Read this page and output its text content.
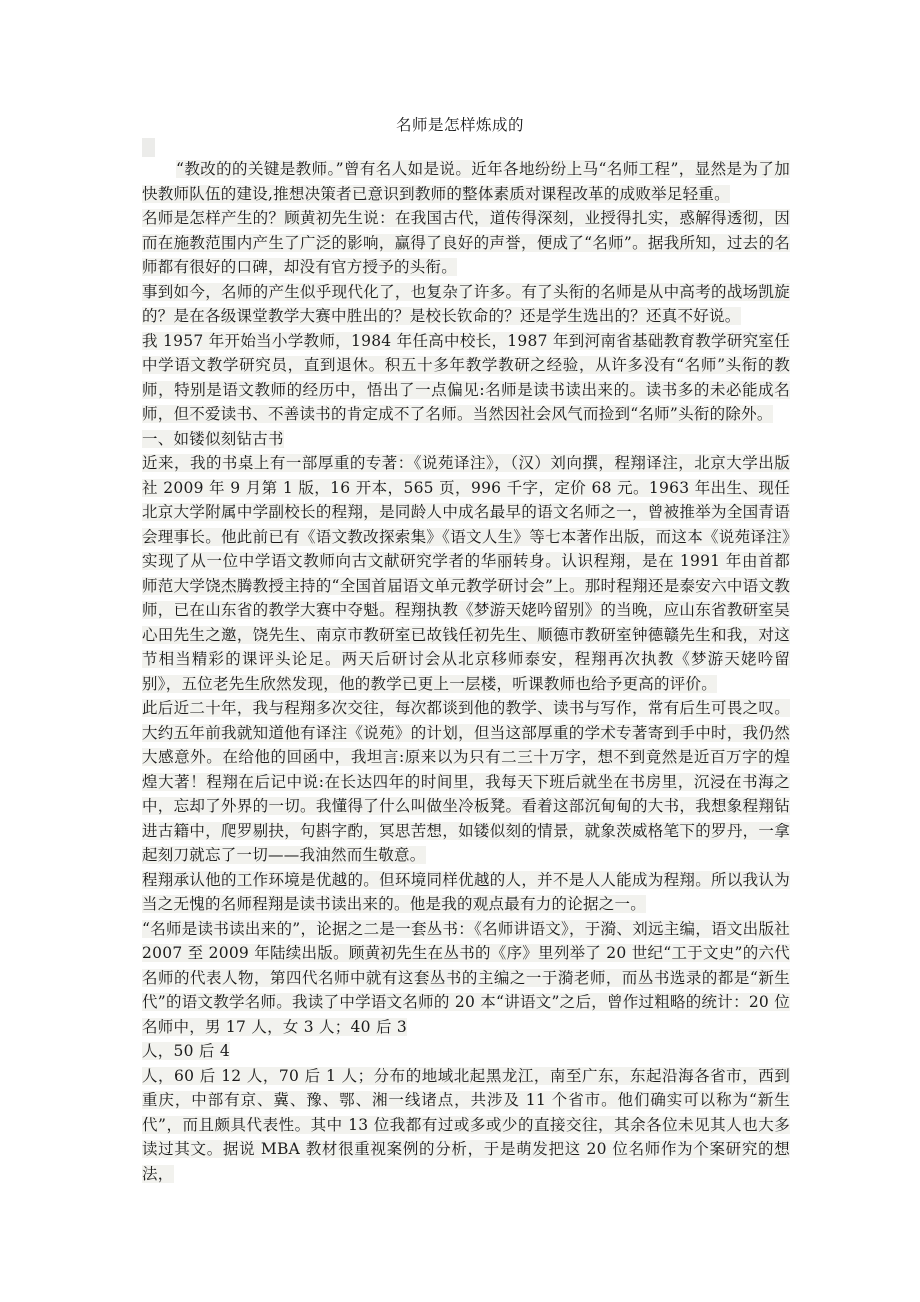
名师是怎样炼成的

“教改的的关键是教师。”曾有名人如是说。近年各地纷纷上马“名师工程”，显然是为了加快教师队伍的建设,推想决策者已意识到教师的整体素质对课程改革的成败举足轻重。

名师是怎样产生的？顾黄初先生说：在我国古代，道传得深刻，业授得扎实，惑解得透彻，因而在施教范围内产生了广泛的影响，赢得了良好的声誉，便成了“名师”。据我所知，过去的名师都有很好的口碑，却没有官方授予的头衔。

事到如今，名师的产生似乎现代化了，也复杂了许多。有了头衔的名师是从中高考的战场凯旋的？是在各级课堂教学大赛中胜出的？是校长钦命的？还是学生选出的？还真不好说。

我 1957 年开始当小学教师，1984 年任高中校长，1987 年到河南省基础教育教学研究室任中学语文教学研究员，直到退休。积五十多年教学教研之经验，从许多没有“名师”头衔的教师，特别是语文教师的经历中，悟出了一点偏见:名师是读书读出来的。读书多的未必能成名师，但不爱读书、不善读书的肯定成不了名师。当然因社会风气而捡到“名师”头衔的除外。

一、如镂似刻钻古书

近来，我的书桌上有一部厚重的专著：《说苑译注》，（汉）刘向撰，程翔译注，北京大学出版社 2009 年 9 月第 1 版，16 开本，565 页，996 千字，定价 68 元。1963 年出生、现任北京大学附属中学副校长的程翔，是同龄人中成名最早的语文名师之一，曾被推举为全国青语会理事长。他此前已有《语文教改探索集》《语文人生》等七本著作出版，而这本《说苑译注》实现了从一位中学语文教师向古文献研究学者的华丽转身。认识程翔，是在 1991 年由首都师范大学饶杰腾教授主持的“全国首届语文单元教学研讨会”上。那时程翔还是泰安六中语文教师，已在山东省的教学大赛中夺魁。程翔执教《梦游天姥吟留别》的当晚，应山东省教研室吴心田先生之邀，饶先生、南京市教研室已故钱任初先生、顺德市教研室钟德赣先生和我，对这节相当精彩的课评头论足。两天后研讨会从北京移师泰安，程翔再次执教《梦游天姥吟留别》，五位老先生欣然发现，他的教学已更上一层楼，听课教师也给予更高的评价。

此后近二十年，我与程翔多次交往，每次都谈到他的教学、读书与写作，常有后生可畏之叹。大约五年前我就知道他有译注《说苑》的计划，但当这部厚重的学术专著寄到手中时，我仍然大感意外。在给他的回函中，我坦言:原来以为只有二三十万字，想不到竟然是近百万字的煌煌大著！程翔在后记中说:在长达四年的时间里，我每天下班后就坐在书房里，沉浸在书海之中，忘却了外界的一切。我懂得了什么叫做坐冷板凳。看着这部沉甸甸的大书，我想象程翔钻进古籍中，爬罗剔抉，句斟字酌，冥思苦想，如镂似刻的情景，就象茨威格笔下的罗丹，一拿起刻刀就忘了一切——我油然而生敬意。

程翔承认他的工作环境是优越的。但环境同样优越的人，并不是人人能成为程翔。所以我认为当之无愧的名师程翔是读书读出来的。他是我的观点最有力的论据之一。

“名师是读书读出来的”，论据之二是一套丛书：《名师讲语文》，于漪、刘远主编，语文出版社 2007 至 2009 年陆续出版。顾黄初先生在丛书的《序》里列举了 20 世纪“工于文史”的六代名师的代表人物，第四代名师中就有这套丛书的主编之一于漪老师，而丛书选录的都是“新生代”的语文教学名师。我读了中学语文名师的 20 本“讲语文”之后，曾作过粗略的统计：20 位名师中，男 17 人，女 3 人；40 后 3

人，50 后 4

人，60 后 12 人，70 后 1 人；分布的地域北起黑龙江，南至广东，东起沿海各省市，西到重庆，中部有京、冀、豫、鄂、湘一线诸点，共涉及 11 个省市。他们确实可以称为“新生代”，而且颇具代表性。其中 13 位我都有过或多或少的直接交往，其余各位未见其人也大多读过其文。据说 MBA 教材很重视案例的分析，于是萌发把这 20 位名师作为个案研究的想法，
